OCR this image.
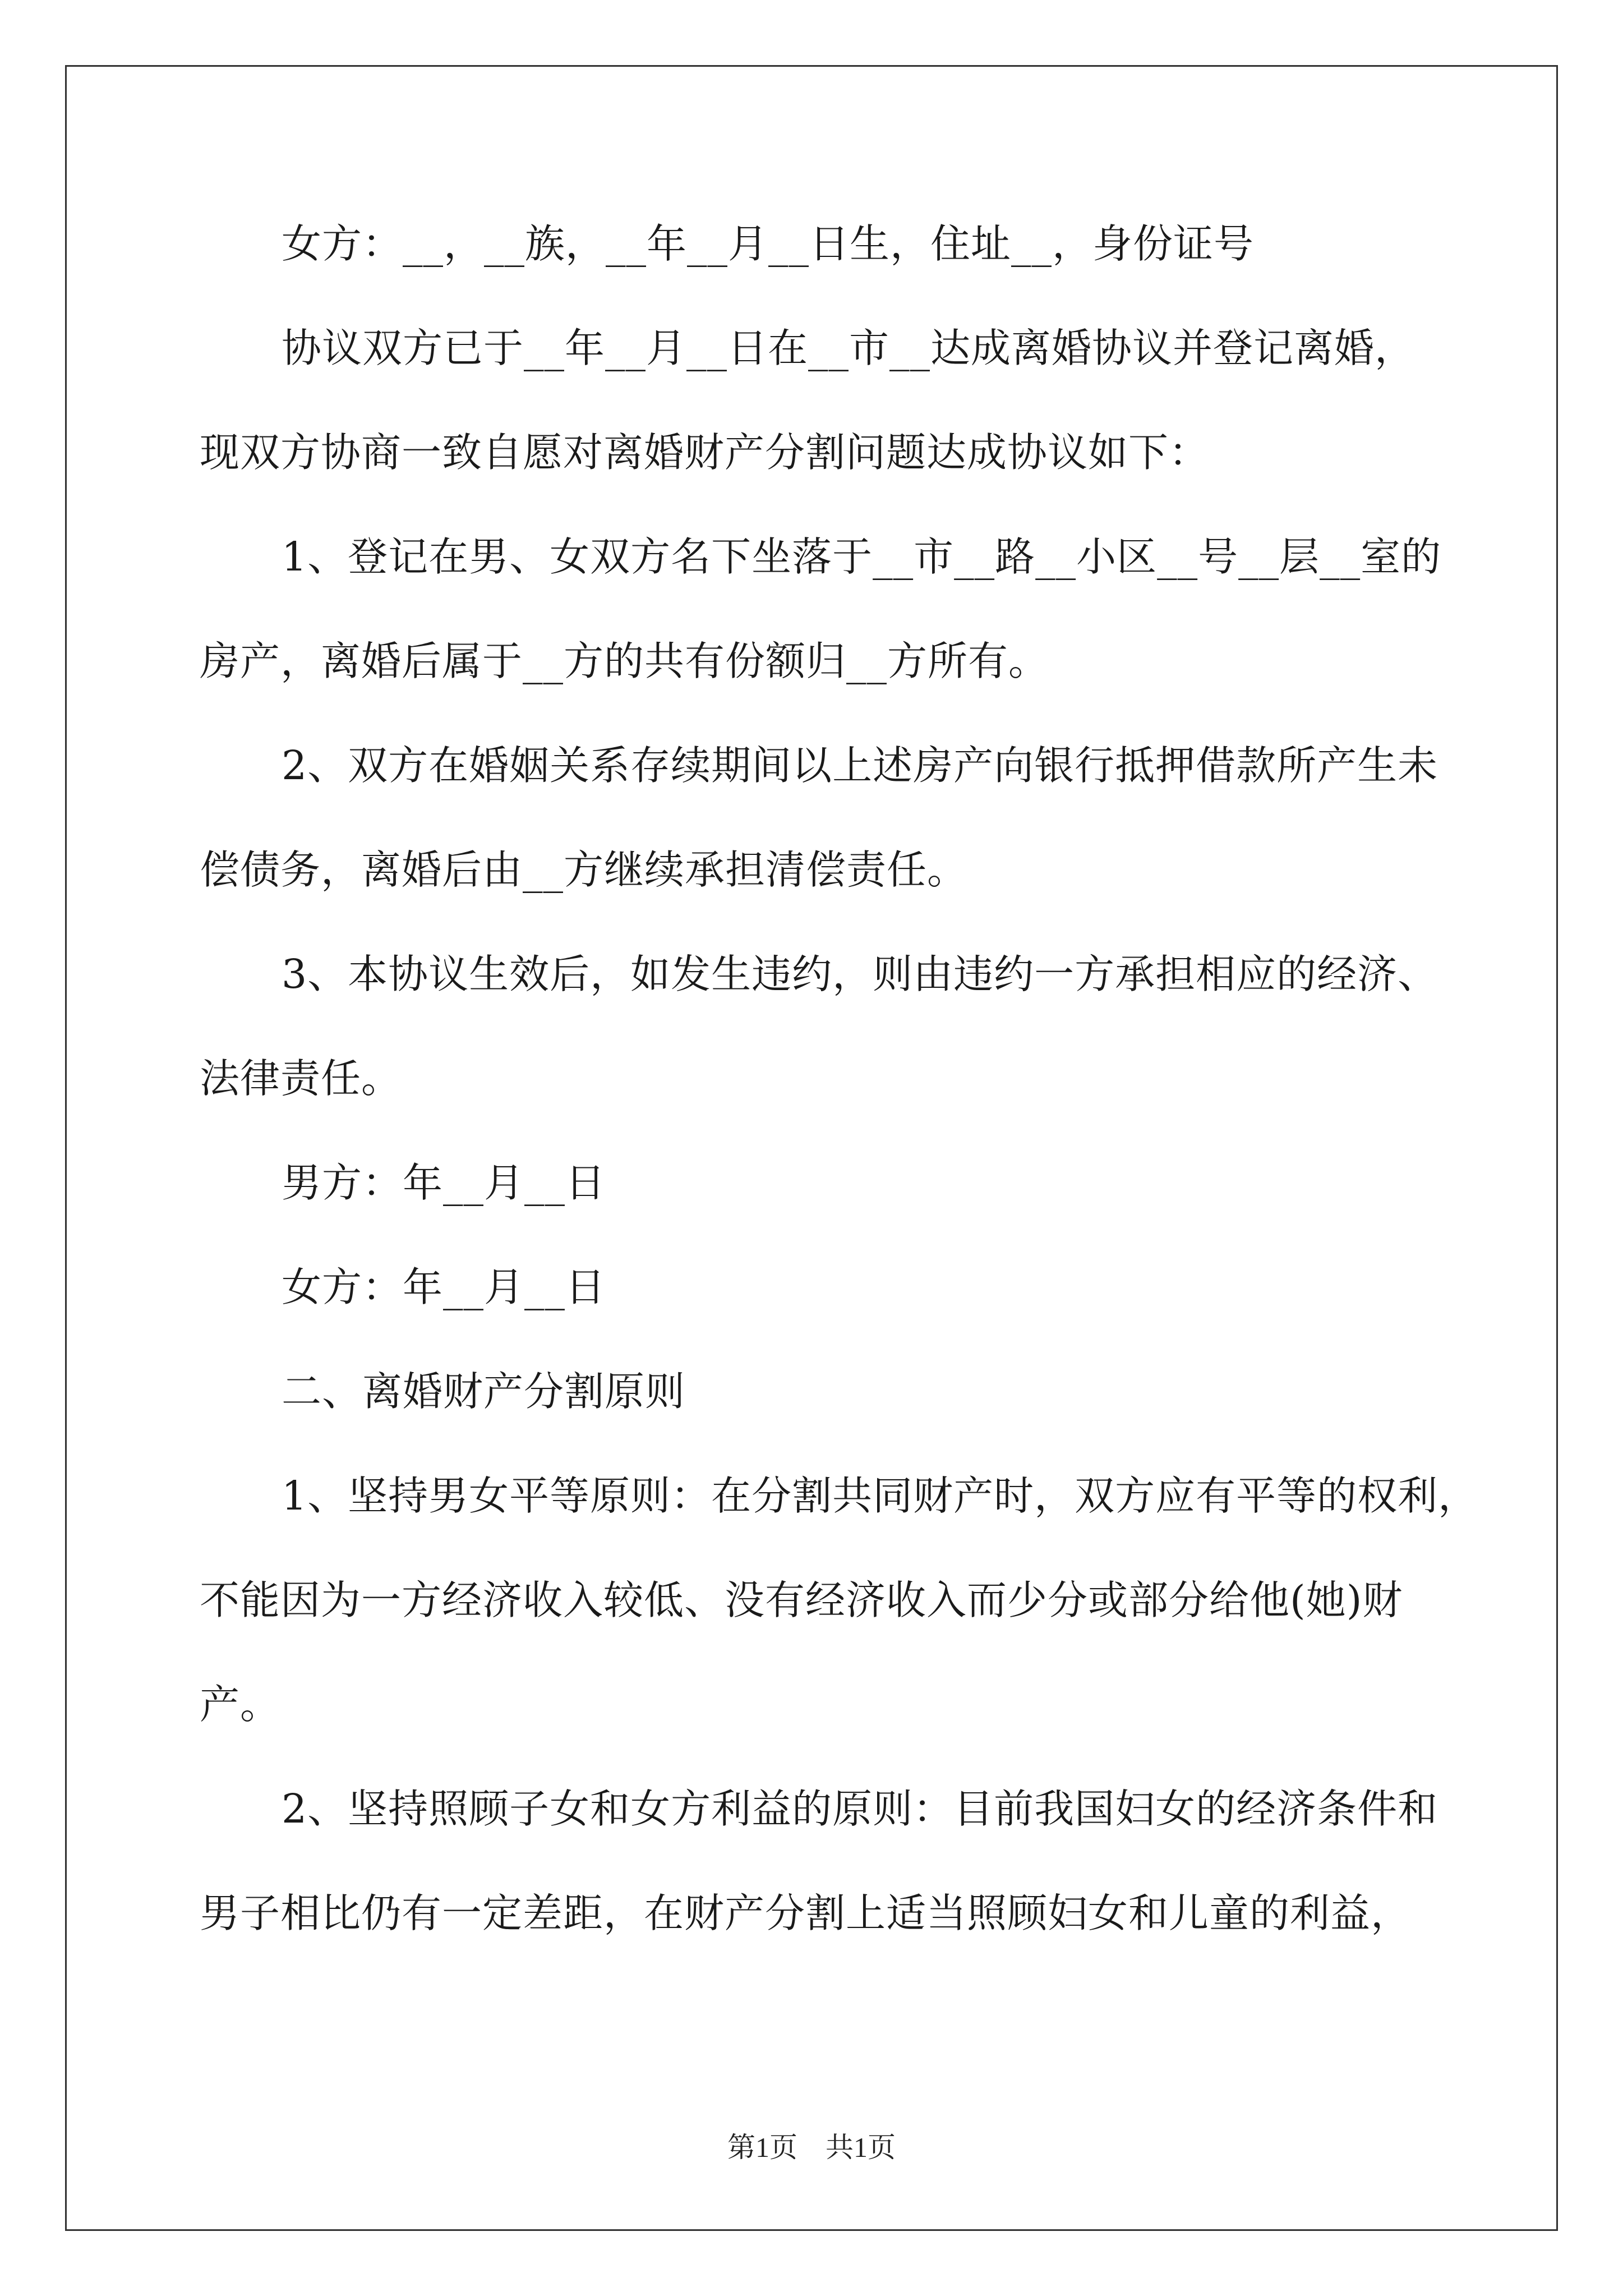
女方：__，__族，__年__月__日生，住址__，身份证号
协议双方已于__年__月__日在__市__达成离婚协议并登记离婚，
现双方协商一致自愿对离婚财产分割问题达成协议如下：
1、登记在男、女双方名下坐落于__市__路__小区__号__层__室的
房产，离婚后属于__方的共有份额归__方所有。
2、双方在婚姻关系存续期间以上述房产向银行抵押借款所产生未
偿债务，离婚后由__方继续承担清偿责任。
3、本协议生效后，如发生违约，则由违约一方承担相应的经济、
法律责任。
男方：年__月__日
女方：年__月__日
二、离婚财产分割原则
1、坚持男女平等原则：在分割共同财产时，双方应有平等的权利，
不能因为一方经济收入较低、没有经济收入而少分或部分给他(她)财
产。
2、坚持照顾子女和女方利益的原则：目前我国妇女的经济条件和
男子相比仍有一定差距，在财产分割上适当照顾妇女和儿童的利益，
第1页　共1页
